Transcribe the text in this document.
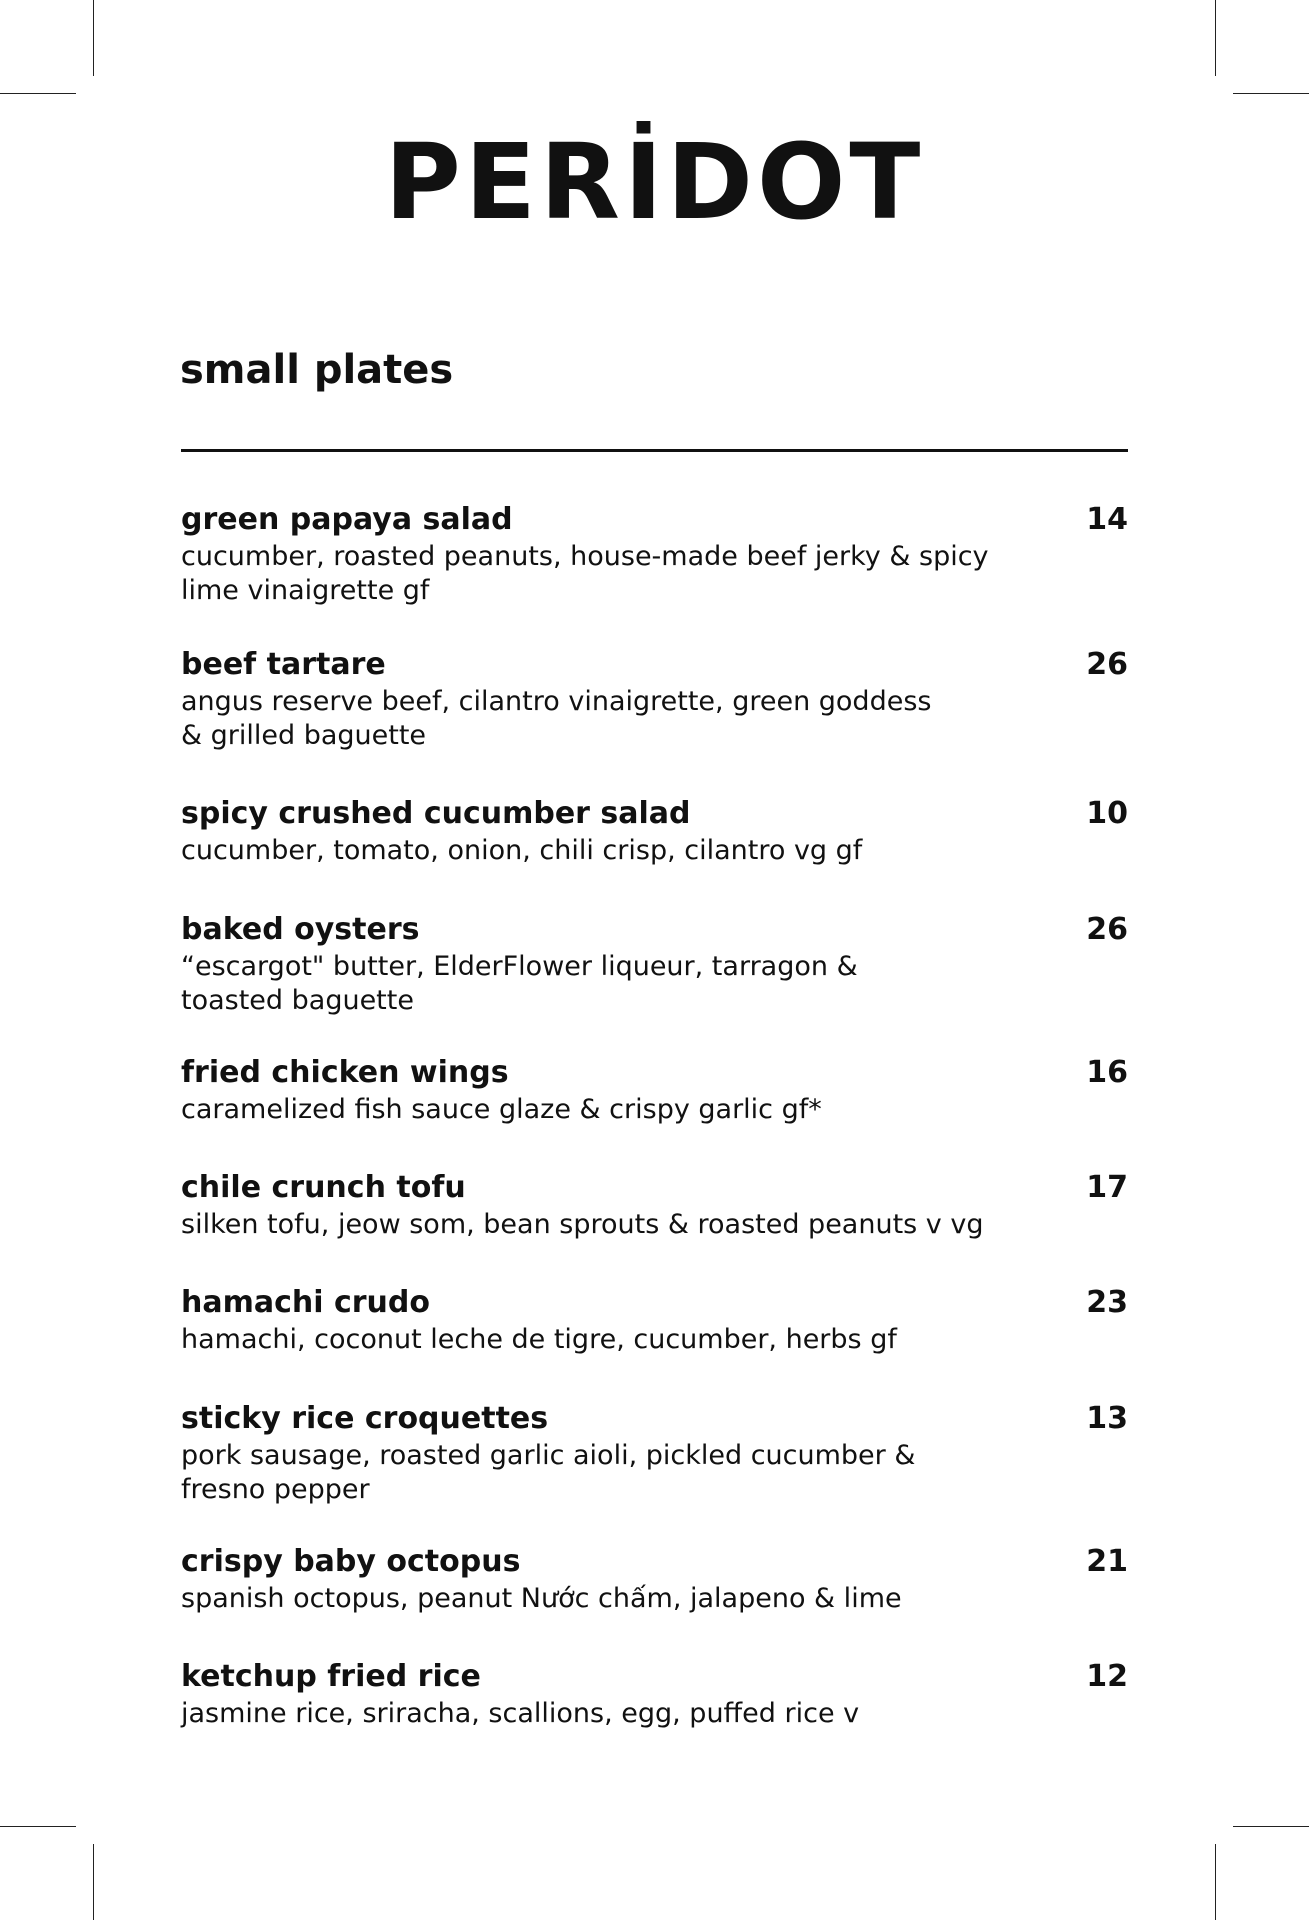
PERİDOT
small plates
green papaya salad	14
cucumber, roasted peanuts, house-made beef jerky & spicy
lime vinaigrette gf
beef tartare	26
angus reserve beef, cilantro vinaigrette, green goddess
& grilled baguette
spicy crushed cucumber salad	10
cucumber, tomato, onion, chili crisp, cilantro vg gf
baked oysters	26
“escargot" butter, ElderFlower liqueur, tarragon &
toasted baguette
fried chicken wings	16
caramelized fish sauce glaze & crispy garlic gf*
chile crunch tofu	17
silken tofu, jeow som, bean sprouts & roasted peanuts v vg
hamachi crudo	23
hamachi, coconut leche de tigre, cucumber, herbs gf
sticky rice croquettes	13
pork sausage, roasted garlic aioli, pickled cucumber &
fresno pepper
crispy baby octopus	21
spanish octopus, peanut Nước chấm, jalapeno & lime
ketchup fried rice	12
jasmine rice, sriracha, scallions, egg, puffed rice v
